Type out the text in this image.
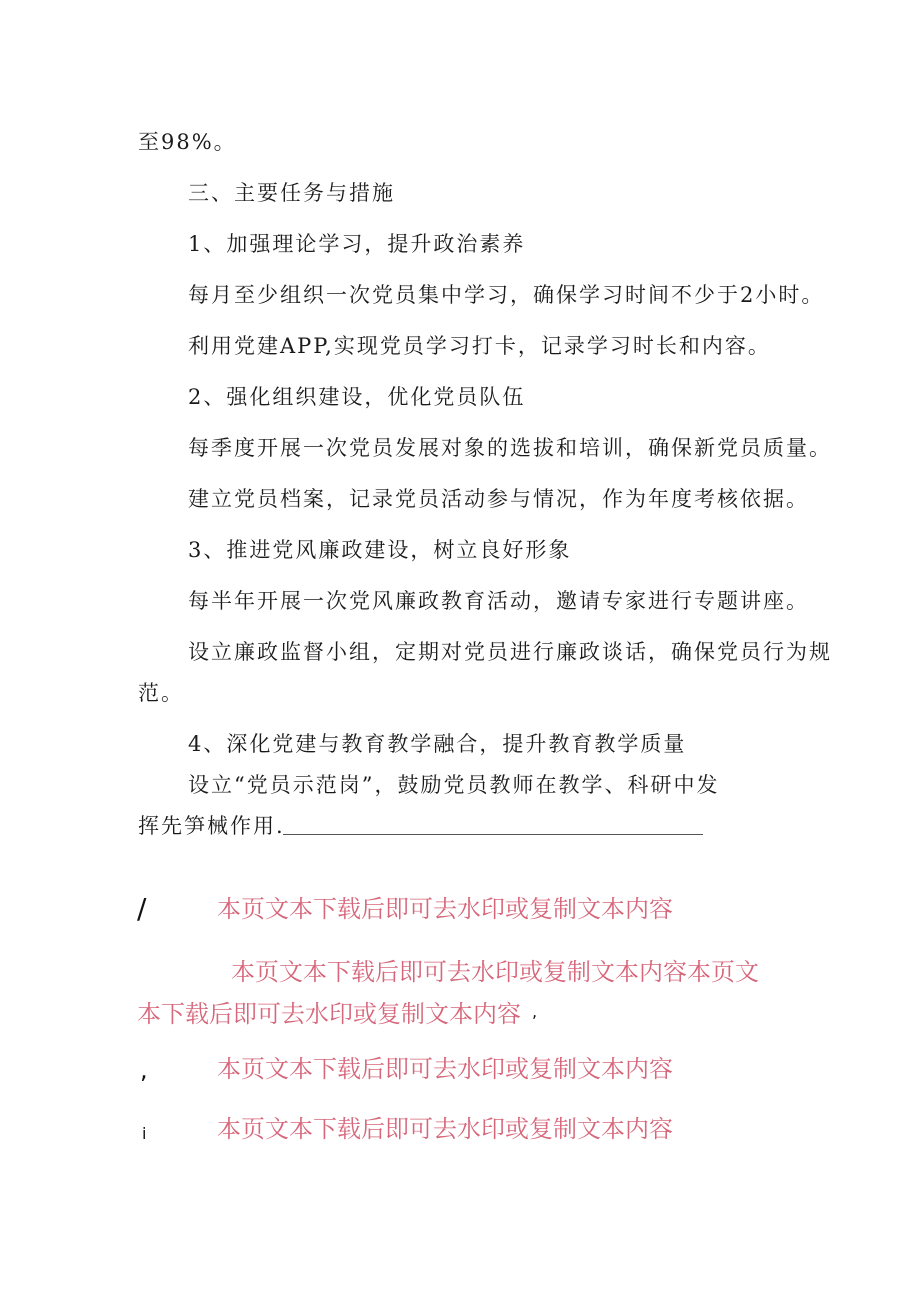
至98%。

三、主要任务与措施

1、加强理论学习，提升政治素养

每月至少组织一次党员集中学习，确保学习时间不少于2小时。

利用党建APP,实现党员学习打卡，记录学习时长和内容。

2、强化组织建设，优化党员队伍

每季度开展一次党员发展对象的选拔和培训，确保新党员质量。

建立党员档案，记录党员活动参与情况，作为年度考核依据。

3、推进党风廉政建设，树立良好形象

每半年开展一次党风廉政教育活动，邀请专家进行专题讲座。

设立廉政监督小组，定期对党员进行廉政谈话，确保党员行为规

范。

4、深化党建与教育教学融合，提升教育教学质量

设立“党员示范岗”，鼓励党员教师在教学、科研中发

挥先笋械作用.

/	本页文本下载后即可去水印或复制文本内容

本页文本下载后即可去水印或复制文本内容本页文

本下载后即可去水印或复制文本内容 ,

,	本页文本下载后即可去水印或复制文本内容

i	本页文本下载后即可去水印或复制文本内容
